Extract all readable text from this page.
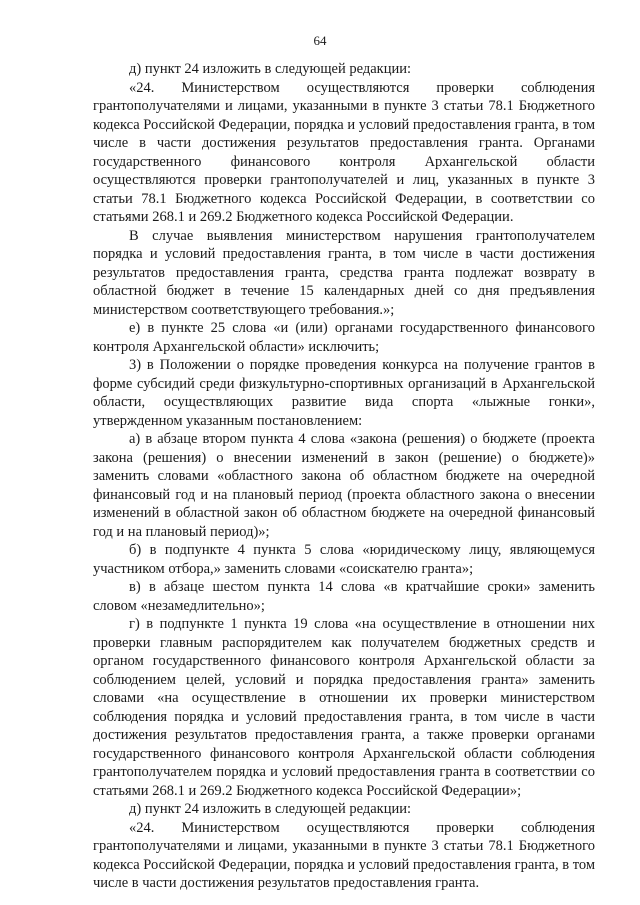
64

д) пункт 24 изложить в следующей редакции:

«24. Министерством осуществляются проверки соблюдения грантополучателями и лицами, указанными в пункте 3 статьи 78.1 Бюджетного кодекса Российской Федерации, порядка и условий предоставления гранта, в том числе в части достижения результатов предоставления гранта. Органами государственного финансового контроля Архангельской области осуществляются проверки грантополучателей и лиц, указанных в пункте 3 статьи 78.1 Бюджетного кодекса Российской Федерации, в соответствии со статьями 268.1 и 269.2 Бюджетного кодекса Российской Федерации.

В случае выявления министерством нарушения грантополучателем порядка и условий предоставления гранта, в том числе в части достижения результатов предоставления гранта, средства гранта подлежат возврату в областной бюджет в течение 15 календарных дней со дня предъявления министерством соответствующего требования.»;

е) в пункте 25 слова «и (или) органами государственного финансового контроля Архангельской области» исключить;

3) в Положении о порядке проведения конкурса на получение грантов в форме субсидий среди физкультурно-спортивных организаций в Архангельской области, осуществляющих развитие вида спорта «лыжные гонки», утвержденном указанным постановлением:

а) в абзаце втором пункта 4 слова «закона (решения) о бюджете (проекта закона (решения) о внесении изменений в закон (решение) о бюджете)» заменить словами «областного закона об областном бюджете на очередной финансовый год и на плановый период (проекта областного закона о внесении изменений в областной закон об областном бюджете на очередной финансовый год и на плановый период)»;

б) в подпункте 4 пункта 5 слова «юридическому лицу, являющемуся участником отбора,» заменить словами «соискателю гранта»;

в) в абзаце шестом пункта 14 слова «в кратчайшие сроки» заменить словом «незамедлительно»;

г) в подпункте 1 пункта 19 слова «на осуществление в отношении них проверки главным распорядителем как получателем бюджетных средств и органом государственного финансового контроля Архангельской области за соблюдением целей, условий и порядка предоставления гранта» заменить словами «на осуществление в отношении их проверки министерством соблюдения порядка и условий предоставления гранта, в том числе в части достижения результатов предоставления гранта, а также проверки органами государственного финансового контроля Архангельской области соблюдения грантополучателем порядка и условий предоставления гранта в соответствии со статьями 268.1 и 269.2 Бюджетного кодекса Российской Федерации»;

д) пункт 24 изложить в следующей редакции:

«24. Министерством осуществляются проверки соблюдения грантополучателями и лицами, указанными в пункте 3 статьи 78.1 Бюджетного кодекса Российской Федерации, порядка и условий предоставления гранта, в том числе в части достижения результатов предоставления гранта.
